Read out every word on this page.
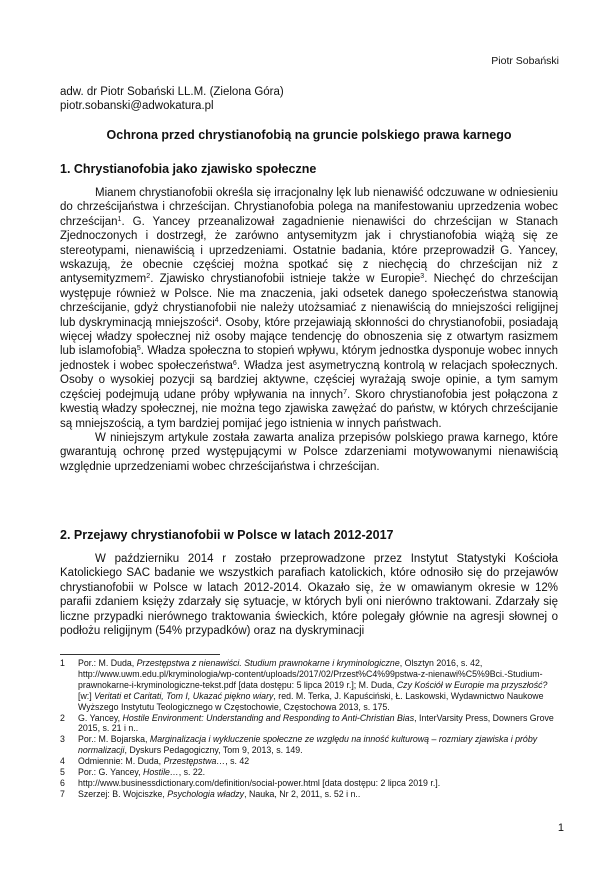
Piotr Sobański
adw. dr Piotr Sobański LL.M. (Zielona Góra)
piotr.sobanski@adwokatura.pl
Ochrona przed chrystianofobią na gruncie polskiego prawa karnego
1. Chrystianofobia jako zjawisko społeczne

Mianem chrystianofobii określa się irracjonalny lęk lub nienawiść odczuwane w odniesieniu do chrześcijaństwa i chrześcijan. Chrystianofobia polega na manifestowaniu uprzedzenia wobec chrześcijan$^1$. G. Yancey przeanalizował zagadnienie nienawiści do chrześcijan w Stanach Zjednoczonych i dostrzegł, że zarówno antysemityzm jak i chrystianofobia wiążą się ze stereotypami, nienawiścią i uprzedzeniami. Ostatnie badania, które przeprowadził G. Yancey, wskazują, że obecnie częściej można spotkać się z niechęcią do chrześcijan niż z antysemityzmem$^2$. Zjawisko chrystianofobii istnieje także w Europie$^3$. Niechęć do chrześcijan występuje również w Polsce. Nie ma znaczenia, jaki odsetek danego społeczeństwa stanowią chrześcijanie, gdyż chrystianofobii nie należy utożsamiać z nienawiścią do mniejszości religijnej lub dyskryminacją mniejszości$^4$. Osoby, które przejawiają skłonności do chrystianofobii, posiadają więcej władzy społecznej niż osoby mające tendencję do obnoszenia się z otwartym rasizmem lub islamofobią$^5$. Władza społeczna to stopień wpływu, którym jednostka dysponuje wobec innych jednostek i wobec społeczeństwa$^6$. Władza jest asymetryczną kontrolą w relacjach społecznych. Osoby o wysokiej pozycji są bardziej aktywne, częściej wyrażają swoje opinie, a tym samym częściej podejmują udane próby wpływania na innych$^7$. Skoro chrystianofobia jest połączona z kwestią władzy społecznej, nie można tego zjawiska zawężać do państw, w których chrześcijanie są mniejszością, a tym bardziej pomijać jego istnienia w innych państwach.

W niniejszym artykule została zawarta analiza przepisów polskiego prawa karnego, które gwarantują ochronę przed występującymi w Polsce zdarzeniami motywowanymi nienawiścią względnie uprzedzeniami wobec chrześcijaństwa i chrześcijan.

2. Przejawy chrystianofobii w Polsce w latach 2012-2017

W październiku 2014 r zostało przeprowadzone przez Instytut Statystyki Kościoła Katolickiego SAC badanie we wszystkich parafiach katolickich, które odnosiło się do przejawów chrystianofobii w Polsce w latach 2012-2014. Okazało się, że w omawianym okresie w 12% parafii zdaniem księży zdarzały się sytuacje, w których byli oni nierówno traktowani. Zdarzały się liczne przypadki nierównego traktowania świeckich, które polegały głównie na agresji słownej o podłożu religijnym (54% przypadków) oraz na dyskryminacji

1	Por.: M. Duda, Przestępstwa z nienawiści. Studium prawnokarne i kryminologiczne, Olsztyn 2016, s. 42, http://www.uwm.edu.pl/kryminologia/wp-content/uploads/2017/02/Przest%C4%99pstwa-z-nienawi%C5%9Bci.-Studium-prawnokarne-i-kryminologiczne-tekst.pdf [data dostępu: 5 lipca 2019 r.]; M. Duda, Czy Kościół w Europie ma przyszłość? [w:] Veritati et Caritati, Tom I, Ukazać piękno wiary, red. M. Terka, J. Kapuściński, Ł. Laskowski, Wydawnictwo Naukowe Wyższego Instytutu Teologicznego w Częstochowie, Częstochowa 2013, s. 175.
2	G. Yancey, Hostile Environment: Understanding and Responding to Anti-Christian Bias, InterVarsity Press, Downers Grove 2015, s. 21 i n..
3	Por.: M. Bojarska, Marginalizacja i wykluczenie społeczne ze względu na inność kulturową – rozmiary zjawiska i próby normalizacji, Dyskurs Pedagogiczny, Tom 9, 2013, s. 149.
4	Odmiennie: M. Duda, Przestępstwa…, s. 42
5	Por.: G. Yancey, Hostile…, s. 22.
6	http://www.businessdictionary.com/definition/social-power.html [data dostępu: 2 lipca 2019 r.].
7	Szerzej: B. Wojciszke, Psychologia władzy, Nauka, Nr 2, 2011, s. 52 i n..
1
